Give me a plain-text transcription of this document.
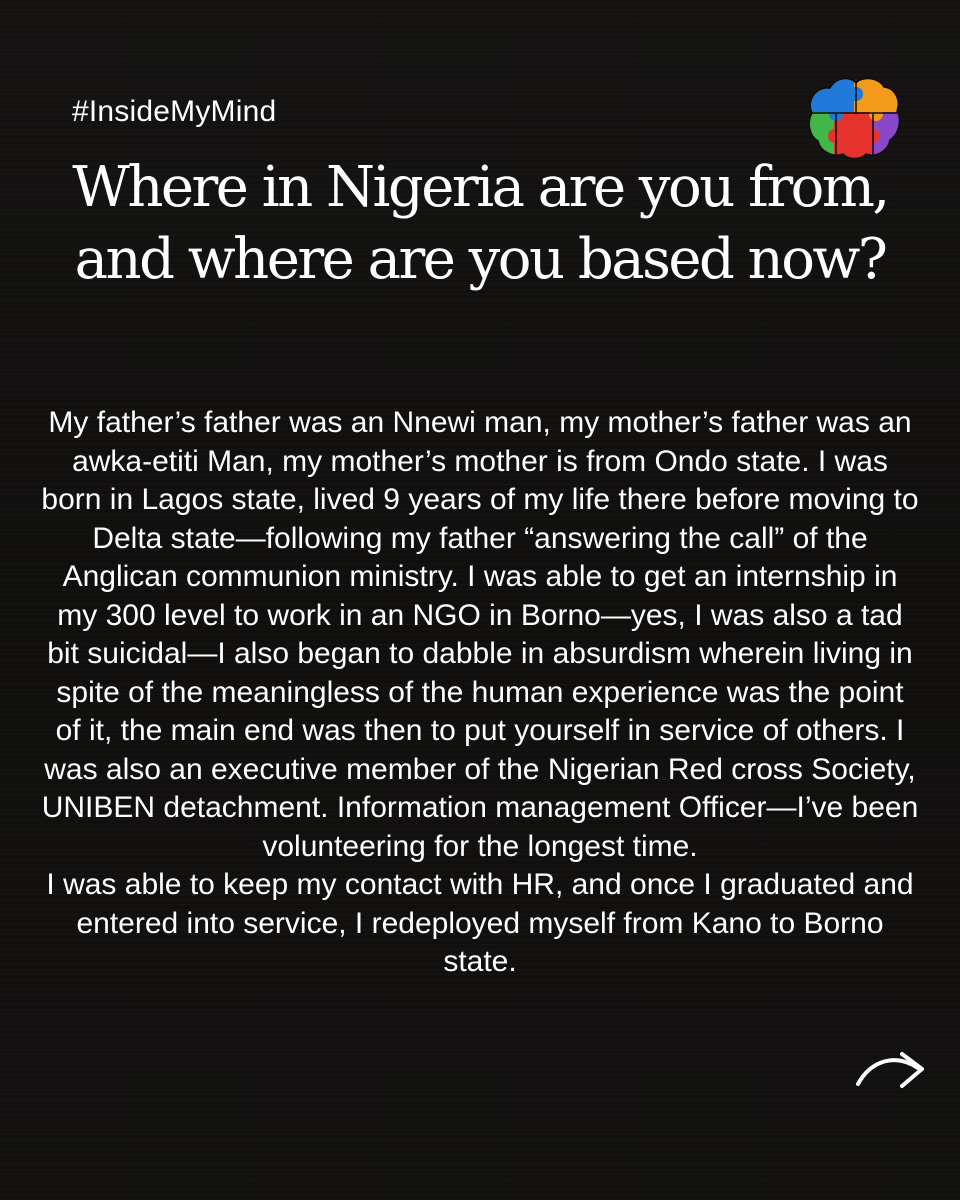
#InsideMyMind
Where in Nigeria are you from, and where are you based now?

My father’s father was an Nnewi man, my mother’s father was an awka-etiti Man, my mother’s mother is from Ondo state. I was born in Lagos state, lived 9 years of my life there before moving to Delta state—following my father “answering the call” of the Anglican communion ministry. I was able to get an internship in my 300 level to work in an NGO in Borno—yes, I was also a tad bit suicidal—I also began to dabble in absurdism wherein living in spite of the meaningless of the human experience was the point of it, the main end was then to put yourself in service of others. I was also an executive member of the Nigerian Red cross Society, UNIBEN detachment. Information management Officer—I’ve been volunteering for the longest time.
I was able to keep my contact with HR, and once I graduated and entered into service, I redeployed myself from Kano to Borno state.
